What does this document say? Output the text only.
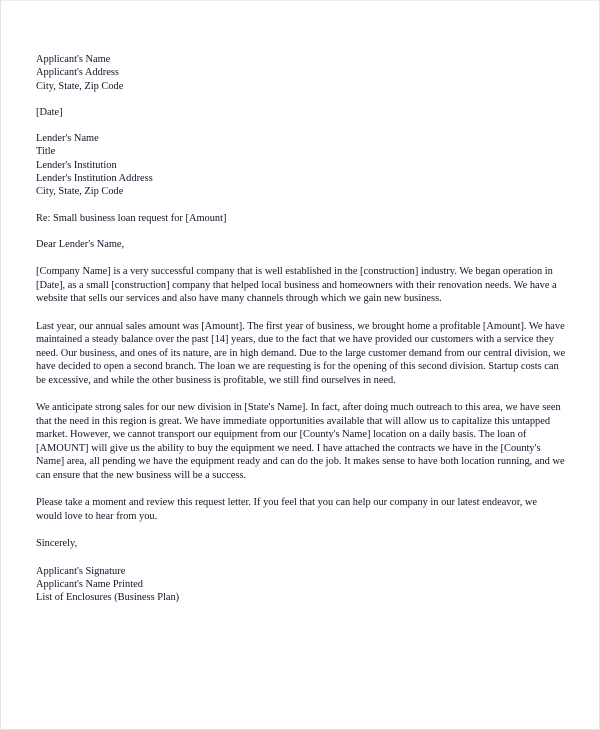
Applicant's Name
Applicant's Address
City, State, Zip Code
[Date]
Lender's Name
Title
Lender's Institution
Lender's Institution Address
City, State, Zip Code
Re: Small business loan request for [Amount]
Dear Lender's Name,

[Company Name] is a very successful company that is well established in the [construction] industry. We began operation in [Date], as a small [construction] company that helped local business and homeowners with their renovation needs. We have a website that sells our services and also have many channels through which we gain new business.

Last year, our annual sales amount was [Amount]. The first year of business, we brought home a profitable [Amount]. We have maintained a steady balance over the past [14] years, due to the fact that we have provided our customers with a service they need. Our business, and ones of its nature, are in high demand. Due to the large customer demand from our central division, we have decided to open a second branch. The loan we are requesting is for the opening of this second division. Startup costs can be excessive, and while the other business is profitable, we still find ourselves in need.

We anticipate strong sales for our new division in [State's Name]. In fact, after doing much outreach to this area, we have seen that the need in this region is great. We have immediate opportunities available that will allow us to capitalize this untapped market. However, we cannot transport our equipment from our [County's Name] location on a daily basis. The loan of [AMOUNT] will give us the ability to buy the equipment we need. I have attached the contracts we have in the [County's Name] area, all pending we have the equipment ready and can do the job. It makes sense to have both location running, and we can ensure that the new business will be a success.

Please take a moment and review this request letter. If you feel that you can help our company in our latest endeavor, we would love to hear from you.

Sincerely,
Applicant's Signature
Applicant's Name Printed
List of Enclosures (Business Plan)
